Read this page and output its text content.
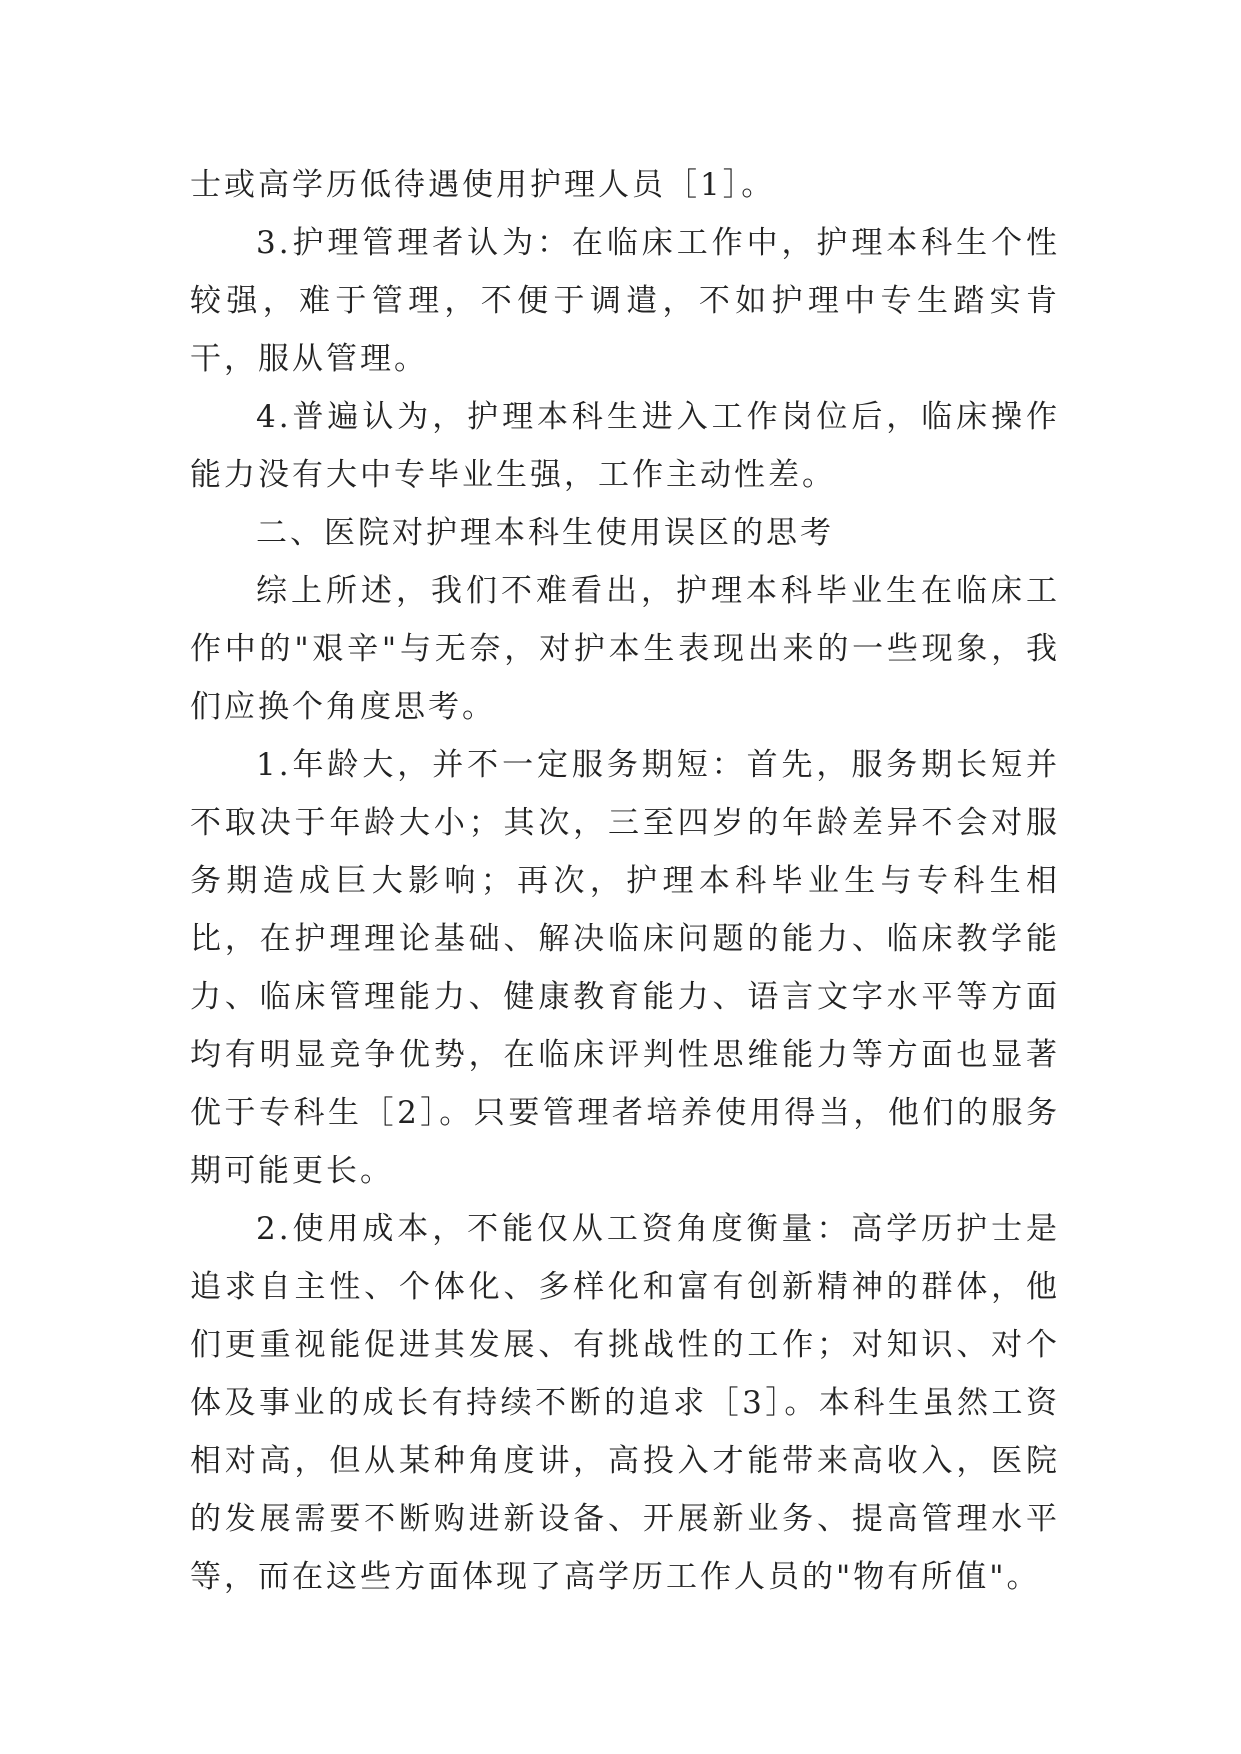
士或高学历低待遇使用护理人员［1］。

3.护理管理者认为：在临床工作中，护理本科生个性较强，难于管理，不便于调遣，不如护理中专生踏实肯干，服从管理。

4.普遍认为，护理本科生进入工作岗位后，临床操作能力没有大中专毕业生强，工作主动性差。

二、医院对护理本科生使用误区的思考

综上所述，我们不难看出，护理本科毕业生在临床工作中的"艰辛"与无奈，对护本生表现出来的一些现象，我们应换个角度思考。

1.年龄大，并不一定服务期短：首先，服务期长短并不取决于年龄大小；其次，三至四岁的年龄差异不会对服务期造成巨大影响；再次，护理本科毕业生与专科生相比，在护理理论基础、解决临床问题的能力、临床教学能力、临床管理能力、健康教育能力、语言文字水平等方面均有明显竞争优势，在临床评判性思维能力等方面也显著优于专科生［2］。只要管理者培养使用得当，他们的服务期可能更长。

2.使用成本，不能仅从工资角度衡量：高学历护士是追求自主性、个体化、多样化和富有创新精神的群体，他们更重视能促进其发展、有挑战性的工作；对知识、对个体及事业的成长有持续不断的追求［3］。本科生虽然工资相对高，但从某种角度讲，高投入才能带来高收入，医院的发展需要不断购进新设备、开展新业务、提高管理水平等，而在这些方面体现了高学历工作人员的"物有所值"。
